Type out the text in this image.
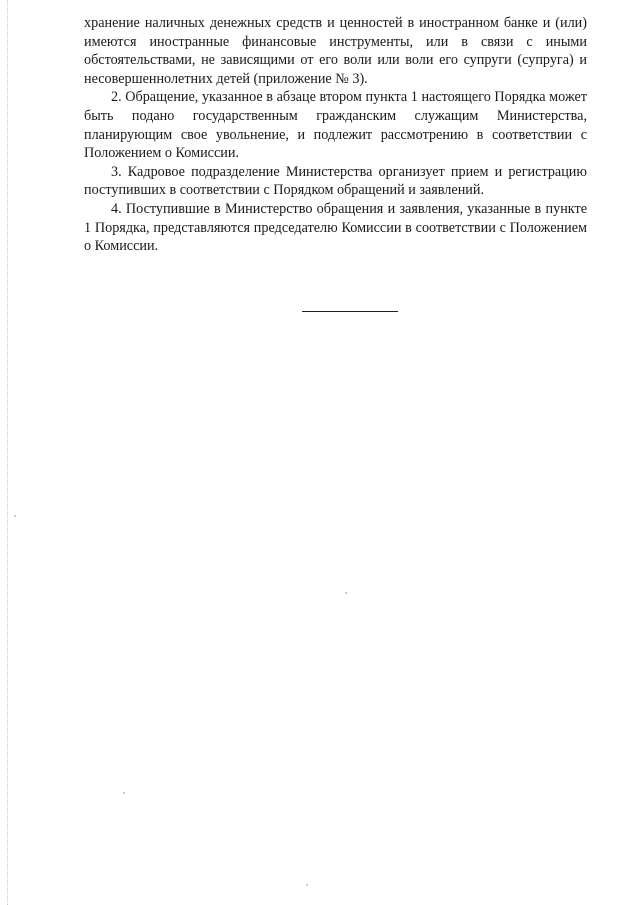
хранение наличных денежных средств и ценностей в иностранном банке и (или) имеются иностранные финансовые инструменты, или в связи с иными обстоятельствами, не зависящими от его воли или воли его супруги (супруга) и несовершеннолетних детей (приложение № 3).

2. Обращение, указанное в абзаце втором пункта 1 настоящего Порядка может быть подано государственным гражданским служащим Министерства, планирующим свое увольнение, и подлежит рассмотрению в соответствии с Положением о Комиссии.

3. Кадровое подразделение Министерства организует прием и регистрацию поступивших в соответствии с Порядком обращений и заявлений.

4. Поступившие в Министерство обращения и заявления, указанные в пункте 1 Порядка, представляются председателю Комиссии в соответствии с Положением о Комиссии.
